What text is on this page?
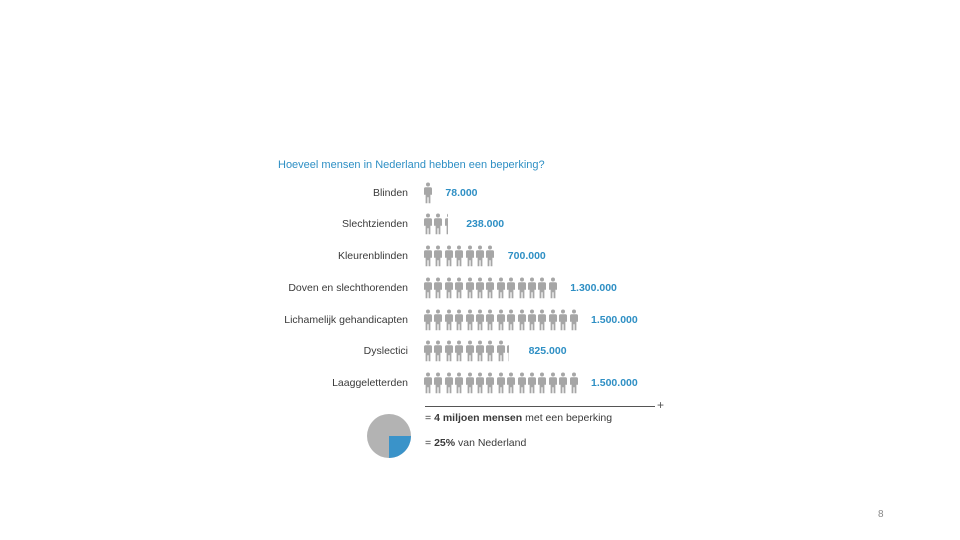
Hoeveel mensen in Nederland hebben een beperking?
Blinden	78.000
Slechtzienden	238.000
Kleurenblinden	700.000
Doven en slechthorenden	1.300.000
Lichamelijk gehandicapten	1.500.000
Dyslectici	825.000
Laaggeletterden	1.500.000
+
= 4 miljoen mensen met een beperking
= 25% van Nederland
8
